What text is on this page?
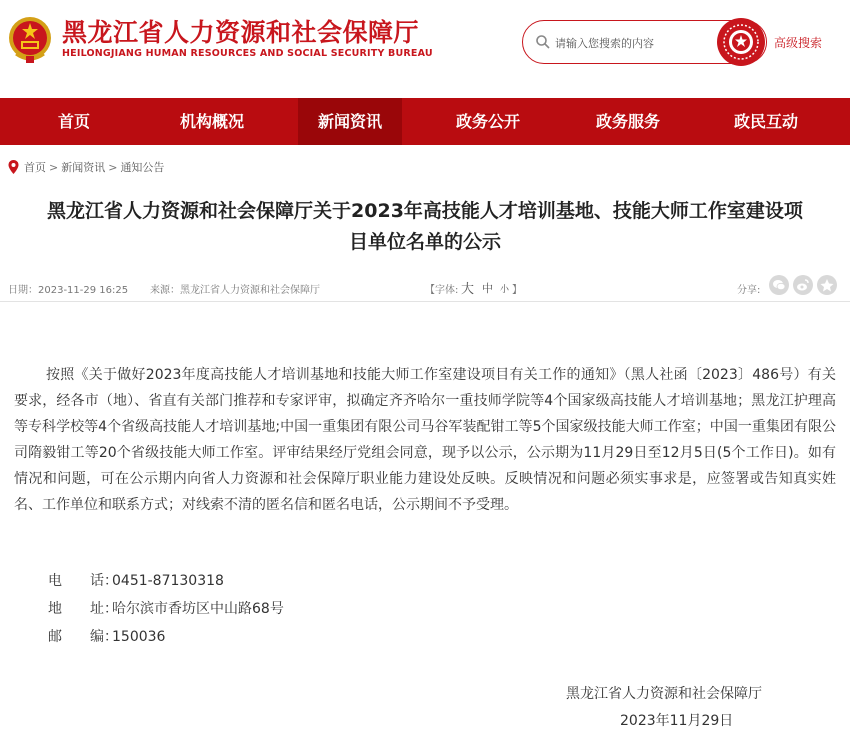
黑龙江省人力资源和社会保障厅
HEILONGJIANG HUMAN RESOURCES AND SOCIAL SECURITY BUREAU
请输入您搜索的内容
高级搜索
首页	机构概况	新闻资讯	政务公开	政务服务	政民互动
首页 > 新闻资讯 > 通知公告
黑龙江省人力资源和社会保障厅关于2023年高技能人才培训基地、技能大师工作室建设项
目单位名单的公示
日期：2023-11-29 16:25 来源：黑龙江省人力资源和社会保障厅	【字体: 大 中 小 】	分享:
按照《关于做好2023年度高技能人才培训基地和技能大师工作室建设项目有关工作的通知》（黑人社函〔2023〕486号）有关要求，经各市（地）、省直有关部门推荐和专家评审，拟确定齐齐哈尔一重技师学院等4个国家级高技能人才培训基地；黑龙江护理高等专科学校等4个省级高技能人才培训基地;中国一重集团有限公司马谷军装配钳工等5个国家级技能大师工作室；中国一重集团有限公司隋毅钳工等20个省级技能大师工作室。评审结果经厅党组会同意，现予以公示，公示期为11月29日至12月5日(5个工作日)。如有情况和问题，可在公示期内向省人力资源和社会保障厅职业能力建设处反映。反映情况和问题必须实事求是，应签署或告知真实姓名、工作单位和联系方式；对线索不清的匿名信和匿名电话，公示期间不予受理。
电　　话：0451-87130318
地　　址：哈尔滨市香坊区中山路68号
邮　　编：150036
黑龙江省人力资源和社会保障厅
2023年11月29日
